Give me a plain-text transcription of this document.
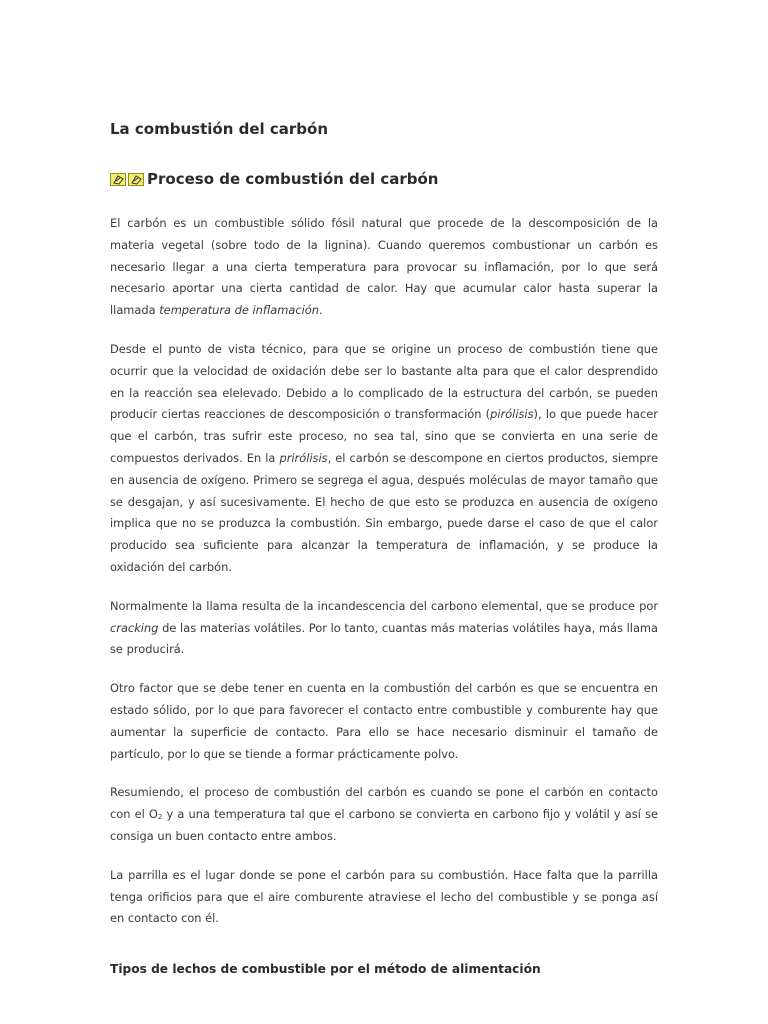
La combustión del carbón
Proceso de combustión del carbón

El carbón es un combustible sólido fósil natural que procede de la descomposición de la materia vegetal (sobre todo de la lignina). Cuando queremos combustionar un carbón es necesario llegar a una cierta temperatura para provocar su inflamación, por lo que será necesario aportar una cierta cantidad de calor. Hay que acumular calor hasta superar la llamada temperatura de inflamación.

Desde el punto de vista técnico, para que se origine un proceso de combustión tiene que ocurrir que la velocidad de oxidación debe ser lo bastante alta para que el calor desprendido en la reacción sea elelevado. Debido a lo complicado de la estructura del carbón, se pueden producir ciertas reacciones de descomposición o transformación (pirólisis), lo que puede hacer que el carbón, tras sufrir este proceso, no sea tal, sino que se convierta en una serie de compuestos derivados. En la prirólisis, el carbón se descompone en ciertos productos, siempre en ausencia de oxígeno. Primero se segrega el agua, después moléculas de mayor tamaño que se desgajan, y así sucesivamente. El hecho de que esto se produzca en ausencia de oxígeno implica que no se produzca la combustión. Sin embargo, puede darse el caso de que el calor producido sea suficiente para alcanzar la temperatura de inflamación, y se produce la oxidación del carbón.

Normalmente la llama resulta de la incandescencia del carbono elemental, que se produce por cracking de las materias volátiles. Por lo tanto, cuantas más materias volátiles haya, más llama se producirá.

Otro factor que se debe tener en cuenta en la combustión del carbón es que se encuentra en estado sólido, por lo que para favorecer el contacto entre combustible y comburente hay que aumentar la superficie de contacto. Para ello se hace necesario disminuir el tamaño de partículo, por lo que se tiende a formar prácticamente polvo.

Resumiendo, el proceso de combustión del carbón es cuando se pone el carbón en contacto con el $O_2$ y a una temperatura tal que el carbono se convierta en carbono fijo y volátil y así se consiga un buen contacto entre ambos.

La parrilla es el lugar donde se pone el carbón para su combustión. Hace falta que la parrilla tenga orificios para que el aire comburente atraviese el lecho del combustible y se ponga así en contacto con él.

Tipos de lechos de combustible por el método de alimentación
